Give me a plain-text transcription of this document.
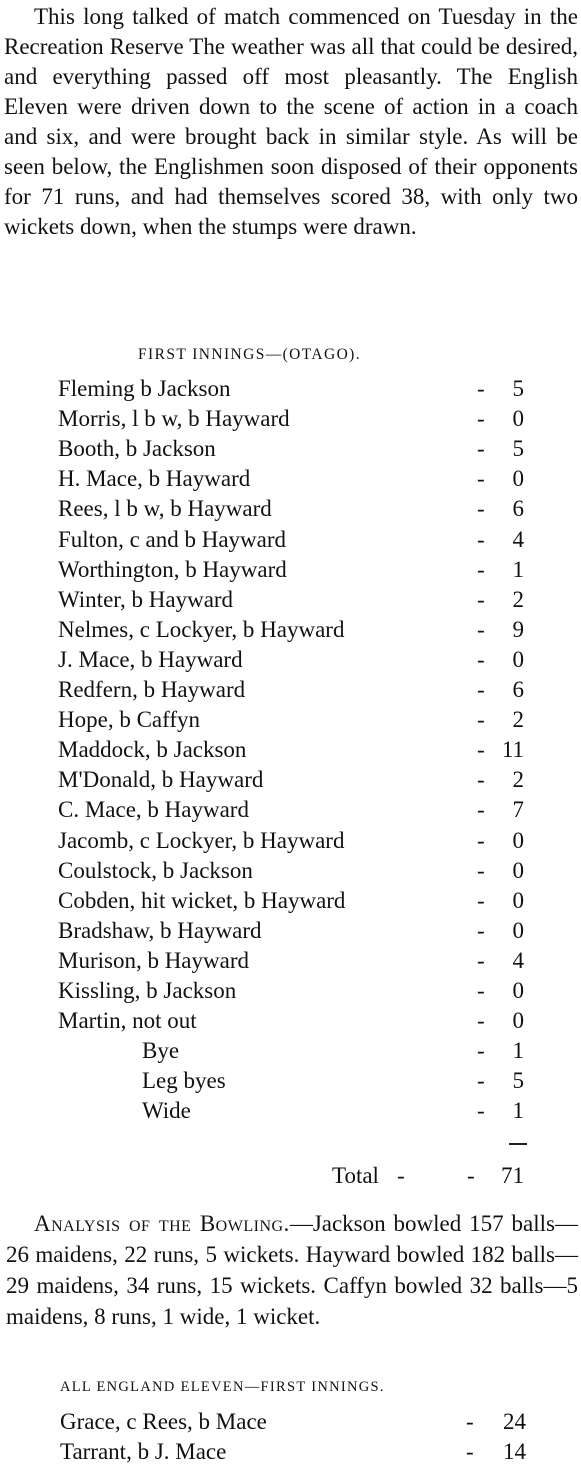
This long talked of match commenced on Tuesday in the Recreation Reserve The weather was all that could be desired, and everything passed off most pleasantly. The English Eleven were driven down to the scene of action in a coach and six, and were brought back in similar style. As will be seen below, the Englishmen soon disposed of their opponents for 71 runs, and had themselves scored 38, with only two wickets down, when the stumps were drawn.

FIRST INNINGS—(OTAGO).
Fleming b Jackson	-	5
Morris, l b w, b Hayward	-	0
Booth, b Jackson	-	5
H. Mace, b Hayward	-	0
Rees, l b w, b Hayward	-	6
Fulton, c and b Hayward	-	4
Worthington, b Hayward	-	1
Winter, b Hayward	-	2
Nelmes, c Lockyer, b Hayward	-	9
J. Mace, b Hayward	-	0
Redfern, b Hayward	-	6
Hope, b Caffyn	-	2
Maddock, b Jackson	- 11
M'Donald, b Hayward	-	2
C. Mace, b Hayward	-	7
Jacomb, c Lockyer, b Hayward	-	0
Coulstock, b Jackson	-	0
Cobden, hit wicket, b Hayward	-	0
Bradshaw, b Hayward	-	0
Murison, b Hayward	-	4
Kissling, b Jackson	-	0
Martin, not out	-	0
Bye	-	1
Leg byes	-	5
Wide	-	1
Total -	-	71

Analysis of the Bowling.—Jackson bowled 157 balls—26 maidens, 22 runs, 5 wickets. Hayward bowled 182 balls—29 maidens, 34 runs, 15 wickets. Caffyn bowled 32 balls—5 maidens, 8 runs, 1 wide, 1 wicket.

ALL ENGLAND ELEVEN—FIRST INNINGS.
Grace, c Rees, b Mace	-	24
Tarrant, b J. Mace	-	14
